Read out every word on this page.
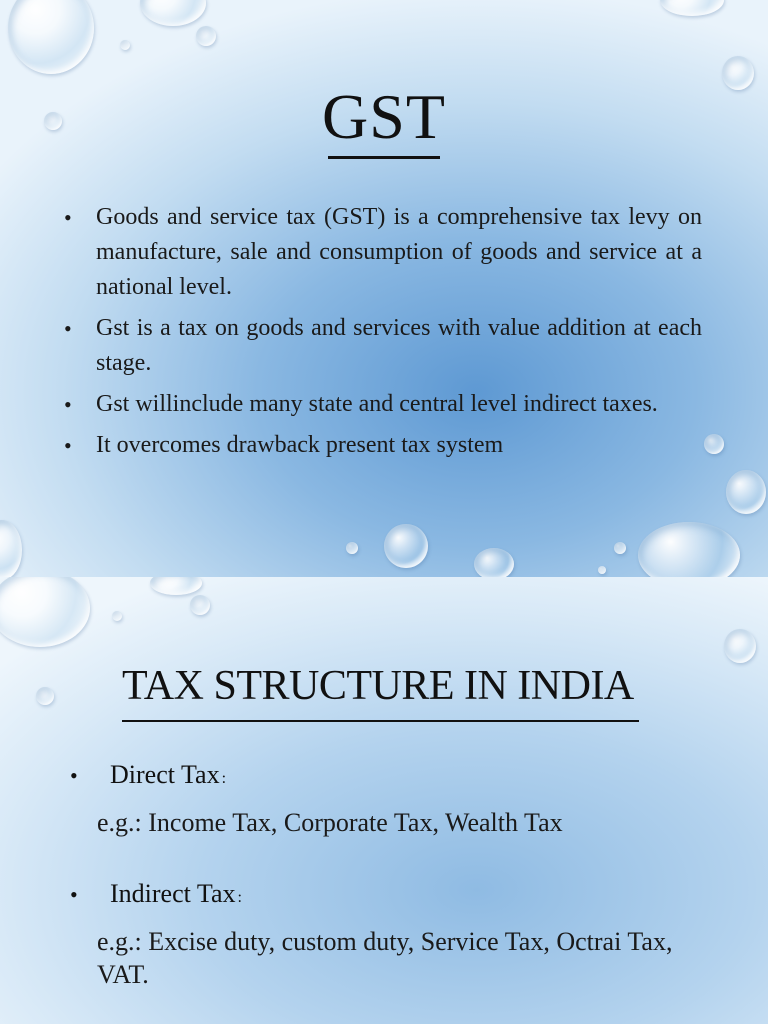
GST
• Goods and service tax (GST) is a comprehensive tax levy on manufacture, sale and consumption of goods and service at a national level.
• Gst is a tax on goods and services with value addition at each stage.
• Gst willinclude many state and central level indirect taxes.
• It overcomes drawback present tax system
TAX STRUCTURE IN INDIA
• Direct Tax :
e.g.: Income Tax, Corporate Tax, Wealth Tax
• Indirect Tax :
e.g.: Excise duty, custom duty, Service Tax, Octrai Tax, VAT.
